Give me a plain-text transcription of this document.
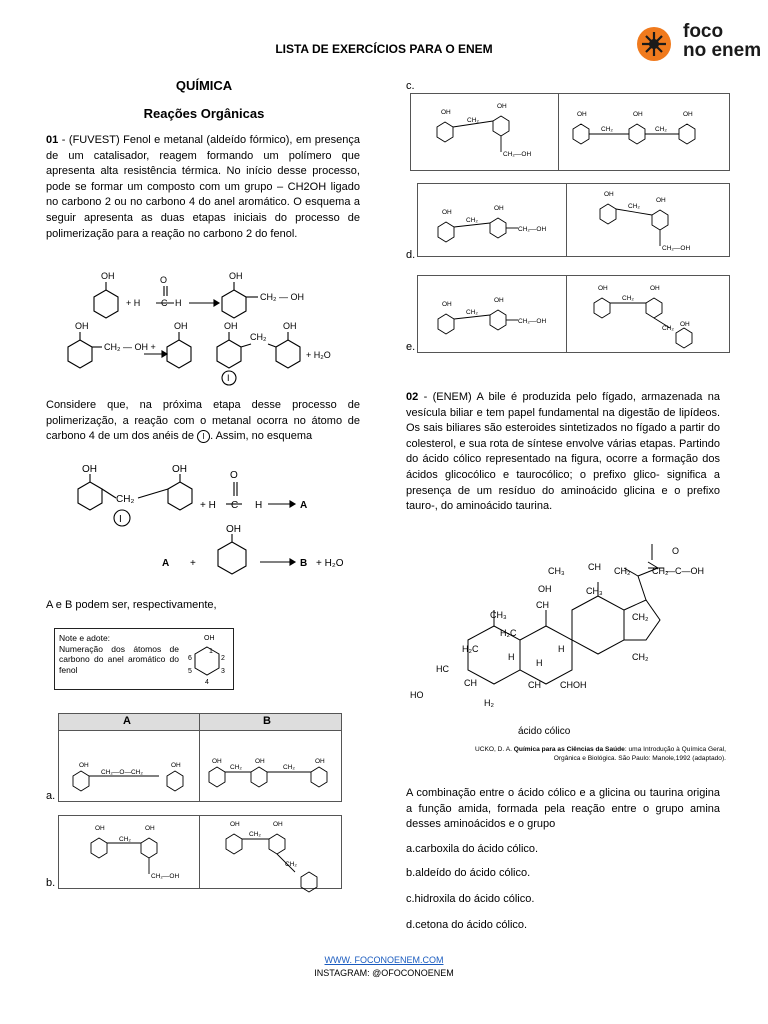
foco
no enem
LISTA DE EXERCÍCIOS PARA O ENEM
QUÍMICA
Reações Orgânicas

01 - (FUVEST) Fenol e metanal (aldeído fórmico), em presença de um catalisador, reagem formando um polímero que apresenta alta resistência térmica. No início desse processo, pode se formar um composto com um grupo – CH2OH ligado no carbono 2 ou no carbono 4 do anel aromático. O esquema a seguir apresenta as duas etapas iniciais do processo de polimerização para a reação no carbono 2 do fenol.

OH
+ H
O
C H
OH
CH₂ — OH
OH
CH₂ — OH +
OH	OH	OH
CH₂
+ H₂O
I

Considere que, na próxima etapa desse processo de polimerização, a reação com o metanal ocorra no átomo de carbono 4 de um dos anéis de I . Assim, no esquema

OH	OH
CH₂
I
+ H
O
C H	A
A +
OH
B + H₂O

A e B podem ser, respectivamente,

Note e adote:
Numeração dos átomos de carbono do anel aromático do fenol
OH
1
2
3
4
5
6
A	B
OH	OH
CH₂—O—CH₂
OH	OH	OH
CH₂	CH₂
a.
OH	OH
CH₂
CH₂—OH
OH	OH
CH₂
CH₂
b.
c.
OH
OH
CH₂
CH₂—OH
OH	OH	OH
CH₂	CH₂
OH
OH
CH₂
CH₂—OH
OH
OH
CH₂
CH₂—OH
d.
OH
OH
CH₂
CH₂—OH
OH	OH
CH₂
CH₂
OH
e.

02 - (ENEM) A bile é produzida pelo fígado, armazenada na vesícula biliar e tem papel fundamental na digestão de lipídeos. Os sais biliares são esteroides sintetizados no fígado a partir do colesterol, e sua rota de síntese envolve várias etapas. Partindo do ácido cólico representado na figura, ocorre a formação dos ácidos glicocólico e taurocólico; o prefixo glico- significa a presença de um resíduo do aminoácido glicina e o prefixo tauro-, do aminoácido taurina.

CH₃	CH CH₂ CH₂
—C—OH
O
OH	CH₃
CH
CH₃
H₂C
H₂C
HC
HO
CH
H₂
CH CHOH
H
H
H
CH₂
CH₂
ácido cólico
UCKO, D. A. Química para as Ciências da Saúde: uma Introdução à Química Geral,
Orgânica e Biológica. São Paulo: Manole,1992 (adaptado).

A combinação entre o ácido cólico e a glicina ou taurina origina a função amida, formada pela reação entre o grupo amina desses aminoácidos e o grupo

a.carboxila do ácido cólico.
b.aldeído do ácido cólico.
c.hidroxila do ácido cólico.
d.cetona do ácido cólico.
WWW. FOCONOENEM.COM
INSTAGRAM: @OFOCONOENEM
